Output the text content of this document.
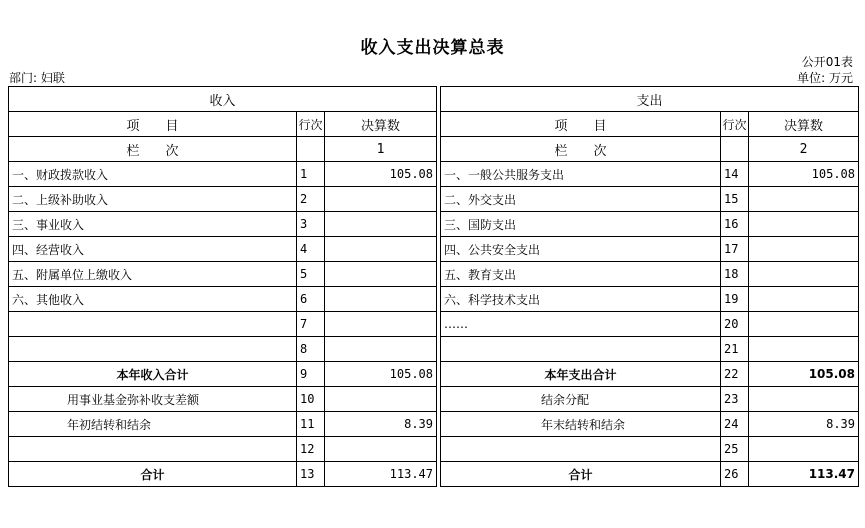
收入支出决算总表
公开01表
部门: 妇联	单位: 万元
收入				支出		
项　　目	行次	决算数		项　　目	行次	决算数
栏　　次		1		栏　　次		2
一、财政拨款收入	1	105.08		一、一般公共服务支出	14	105.08
二、上级补助收入	2			二、外交支出	15	
三、事业收入	3			三、国防支出	16	
四、经营收入	4			四、公共安全支出	17	
五、附属单位上缴收入	5			五、教育支出	18	
六、其他收入	6			六、科学技术支出	19	
	7			……	20	
	8				21	
本年收入合计	9	105.08		本年支出合计	22	105.08
用事业基金弥补收支差额	10			结余分配	23	
年初结转和结余	11	8.39		年末结转和结余	24	8.39
	12				25	
合计	13	113.47		合计	26	113.47
